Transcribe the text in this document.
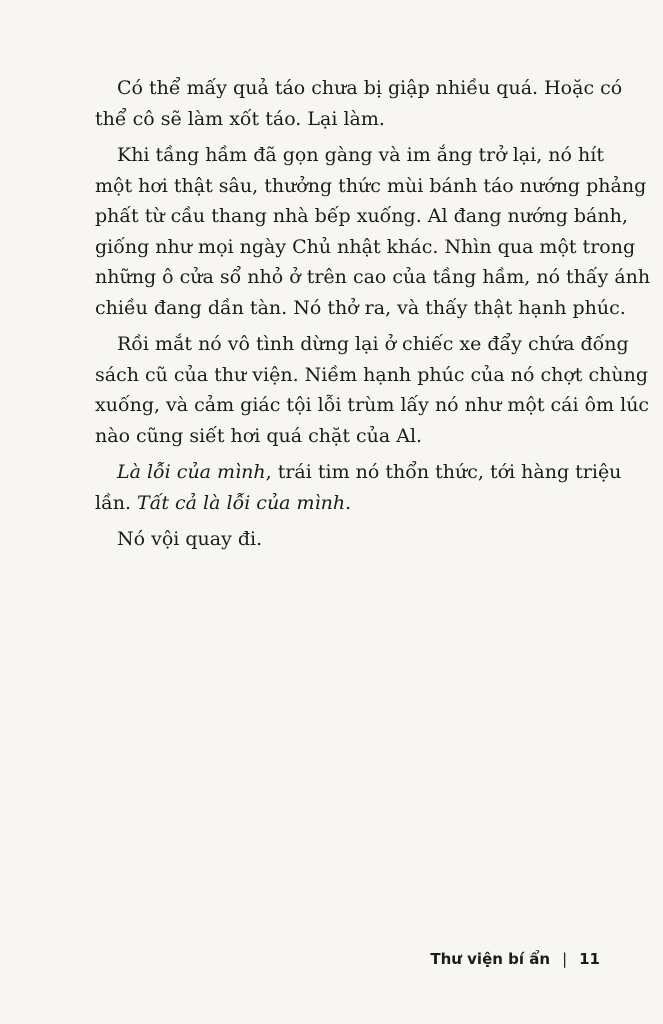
Có thể mấy quả táo chưa bị giập nhiều quá. Hoặc có
thể cô sẽ làm xốt táo. Lại làm.

Khi tầng hầm đã gọn gàng và im ắng trở lại, nó hít
một hơi thật sâu, thưởng thức mùi bánh táo nướng phảng
phất từ cầu thang nhà bếp xuống. Al đang nướng bánh,
giống như mọi ngày Chủ nhật khác. Nhìn qua một trong
những ô cửa sổ nhỏ ở trên cao của tầng hầm, nó thấy ánh
chiều đang dần tàn. Nó thở ra, và thấy thật hạnh phúc.

Rồi mắt nó vô tình dừng lại ở chiếc xe đẩy chứa đống
sách cũ của thư viện. Niềm hạnh phúc của nó chợt chùng
xuống, và cảm giác tội lỗi trùm lấy nó như một cái ôm lúc
nào cũng siết hơi quá chặt của Al.

Là lỗi của mình, trái tim nó thổn thức, tới hàng triệu
lần. Tất cả là lỗi của mình.

Nó vội quay đi.

Thư viện bí ẩn | 11
